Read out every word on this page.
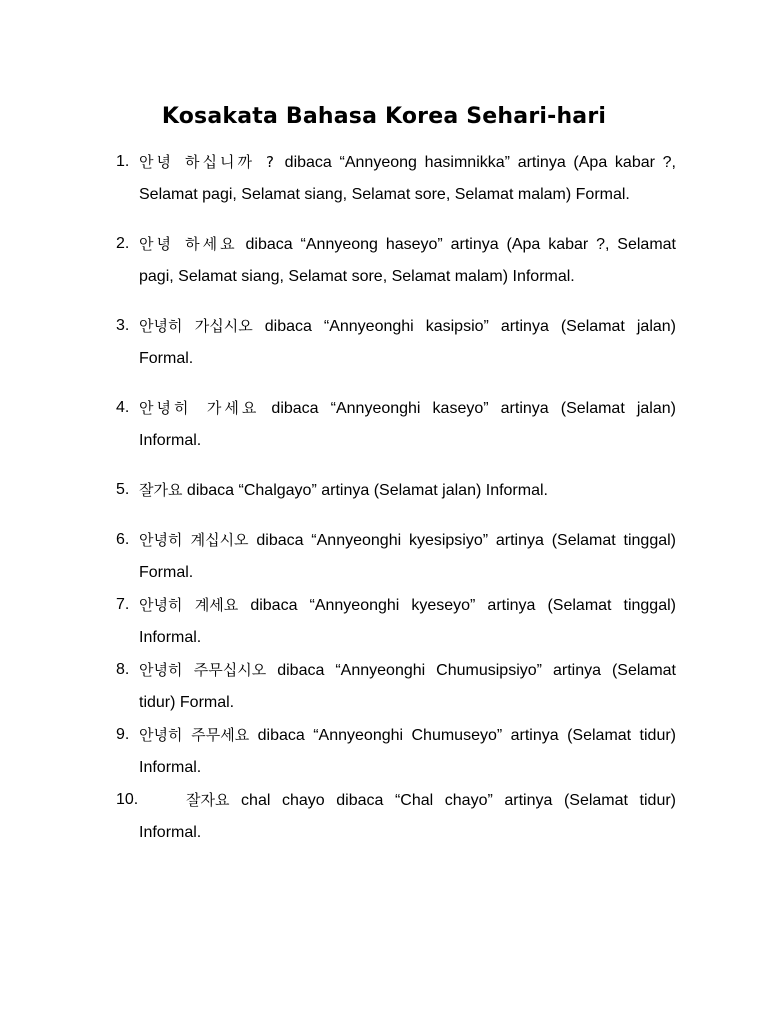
Kosakata Bahasa Korea Sehari-hari
1. 안녕 하십니까 ? dibaca “Annyeong hasimnikka” artinya (Apa kabar ?, Selamat pagi, Selamat siang, Selamat sore, Selamat malam) Formal.
2. 안녕 하세요 dibaca “Annyeong haseyo” artinya (Apa kabar ?, Selamat pagi, Selamat siang, Selamat sore, Selamat malam) Informal.
3. 안녕히 가십시오 dibaca “Annyeonghi kasipsio” artinya (Selamat jalan) Formal.
4. 안녕히 가세요 dibaca “Annyeonghi kaseyo” artinya (Selamat jalan) Informal.
5. 잘가요 dibaca “Chalgayo” artinya (Selamat jalan) Informal.
6. 안녕히 계십시오 dibaca “Annyeonghi kyesipsiyo” artinya (Selamat tinggal) Formal.
7. 안녕히 계세요 dibaca “Annyeonghi kyeseyo” artinya (Selamat tinggal) Informal.
8. 안녕히 주무십시오 dibaca “Annyeonghi Chumusipsiyo” artinya (Selamat tidur) Formal.
9. 안녕히 주무세요 dibaca “Annyeonghi Chumuseyo” artinya (Selamat tidur) Informal.
10.	잘자요 chal chayo dibaca “Chal chayo” artinya (Selamat tidur) Informal.
